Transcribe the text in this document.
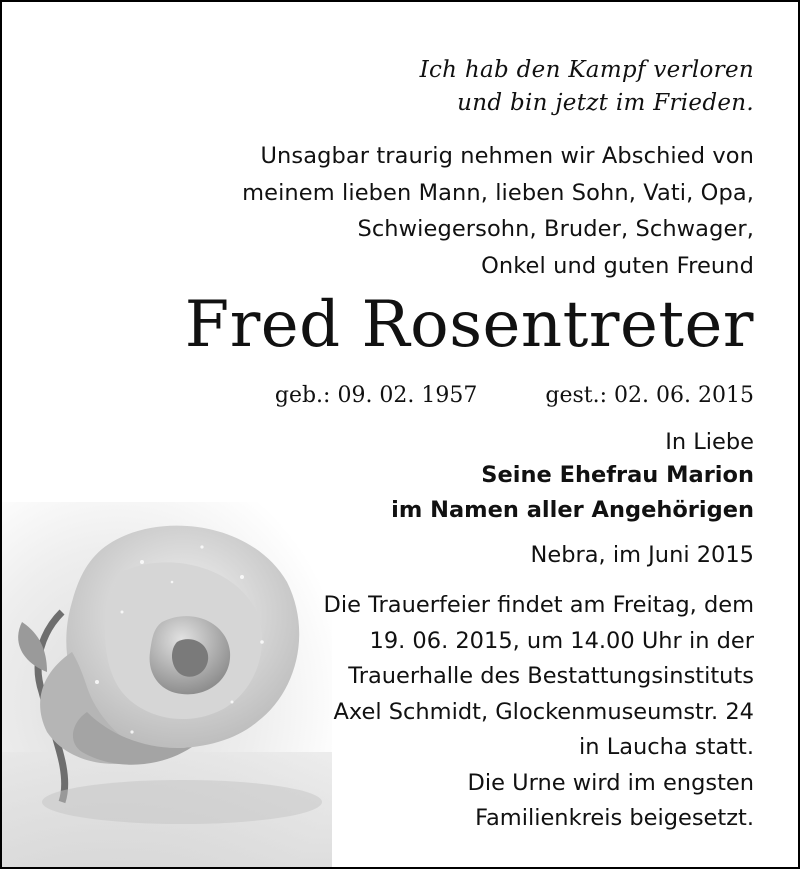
Ich hab den Kampf verloren
und bin jetzt im Frieden.
Unsagbar traurig nehmen wir Abschied von
meinem lieben Mann, lieben Sohn, Vati, Opa,
Schwiegersohn, Bruder, Schwager,
Onkel und guten Freund
Fred Rosentreter
geb.: 09. 02. 1957	gest.: 02. 06. 2015
In Liebe
Seine Ehefrau Marion
im Namen aller Angehörigen
Nebra, im Juni 2015
Die Trauerfeier findet am Freitag, dem
19. 06. 2015, um 14.00 Uhr in der
Trauerhalle des Bestattungsinstituts
Axel Schmidt, Glockenmuseumstr. 24
in Laucha statt.
Die Urne wird im engsten
Familienkreis beigesetzt.
